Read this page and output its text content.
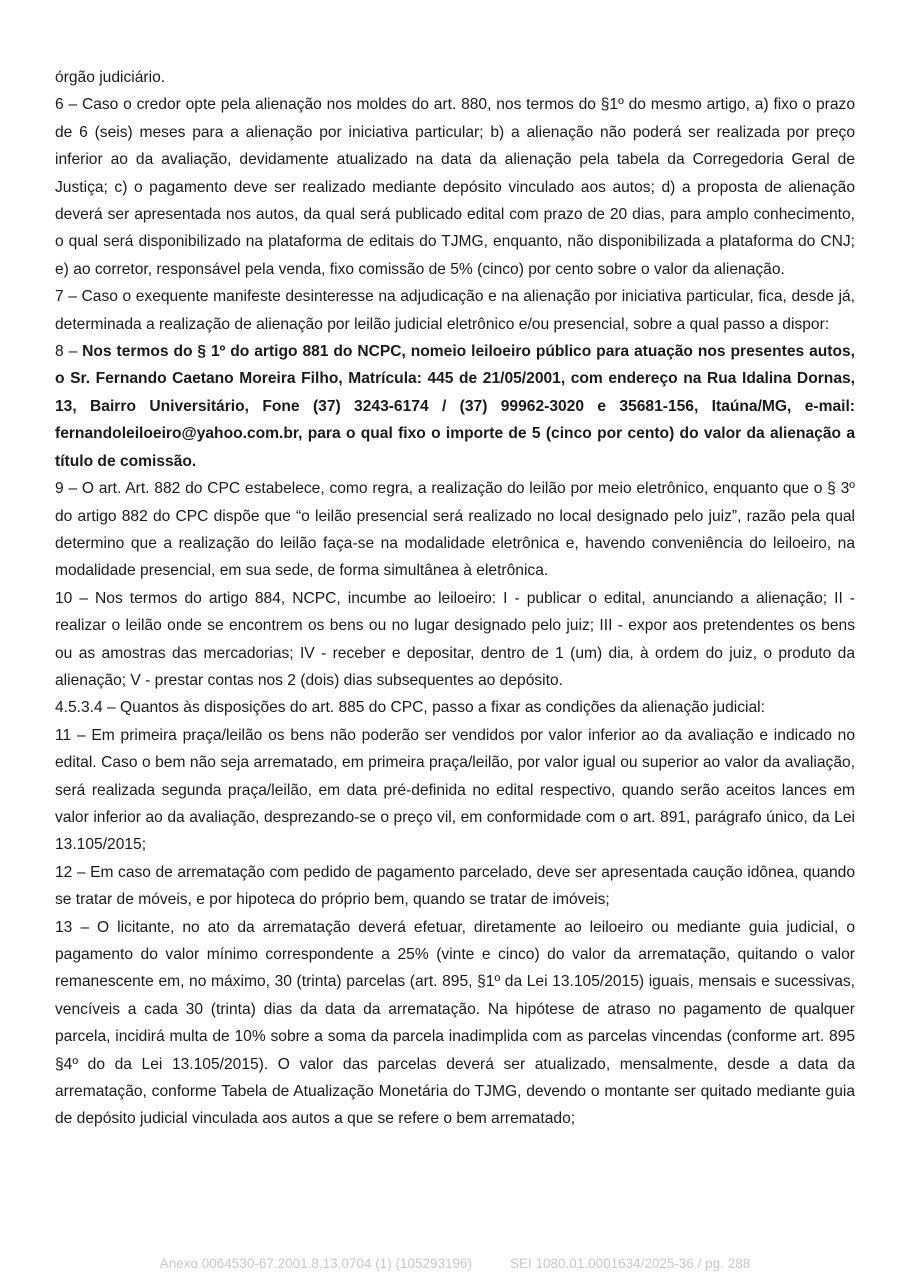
órgão judiciário.

6 – Caso o credor opte pela alienação nos moldes do art. 880, nos termos do §1º do mesmo artigo, a) fixo o prazo de 6 (seis) meses para a alienação por iniciativa particular; b) a alienação não poderá ser realizada por preço inferior ao da avaliação, devidamente atualizado na data da alienação pela tabela da Corregedoria Geral de Justiça; c) o pagamento deve ser realizado mediante depósito vinculado aos autos; d) a proposta de alienação deverá ser apresentada nos autos, da qual será publicado edital com prazo de 20 dias, para amplo conhecimento, o qual será disponibilizado na plataforma de editais do TJMG, enquanto, não disponibilizada a plataforma do CNJ; e) ao corretor, responsável pela venda, fixo comissão de 5% (cinco) por cento sobre o valor da alienação.

7 – Caso o exequente manifeste desinteresse na adjudicação e na alienação por iniciativa particular, fica, desde já, determinada a realização de alienação por leilão judicial eletrônico e/ou presencial, sobre a qual passo a dispor:

8 – Nos termos do § 1º do artigo 881 do NCPC, nomeio leiloeiro público para atuação nos presentes autos, o Sr. Fernando Caetano Moreira Filho, Matrícula: 445 de 21/05/2001, com endereço na Rua Idalina Dornas, 13, Bairro Universitário, Fone (37) 3243-6174 / (37) 99962-3020 e 35681-156, Itaúna/MG, e-mail: fernandoleiloeiro@yahoo.com.br, para o qual fixo o importe de 5 (cinco por cento) do valor da alienação a título de comissão.

9 – O art. Art. 882 do CPC estabelece, como regra, a realização do leilão por meio eletrônico, enquanto que o § 3º do artigo 882 do CPC dispõe que “o leilão presencial será realizado no local designado pelo juiz”, razão pela qual determino que a realização do leilão faça-se na modalidade eletrônica e, havendo conveniência do leiloeiro, na modalidade presencial, em sua sede, de forma simultânea à eletrônica.

10 – Nos termos do artigo 884, NCPC, incumbe ao leiloeiro: I - publicar o edital, anunciando a alienação; II - realizar o leilão onde se encontrem os bens ou no lugar designado pelo juiz; III - expor aos pretendentes os bens ou as amostras das mercadorias; IV - receber e depositar, dentro de 1 (um) dia, à ordem do juiz, o produto da alienação; V - prestar contas nos 2 (dois) dias subsequentes ao depósito.

4.5.3.4 – Quantos às disposições do art. 885 do CPC, passo a fixar as condições da alienação judicial:

11 – Em primeira praça/leilão os bens não poderão ser vendidos por valor inferior ao da avaliação e indicado no edital. Caso o bem não seja arrematado, em primeira praça/leilão, por valor igual ou superior ao valor da avaliação, será realizada segunda praça/leilão, em data pré-definida no edital respectivo, quando serão aceitos lances em valor inferior ao da avaliação, desprezando-se o preço vil, em conformidade com o art. 891, parágrafo único, da Lei 13.105/2015;

12 – Em caso de arrematação com pedido de pagamento parcelado, deve ser apresentada caução idônea, quando se tratar de móveis, e por hipoteca do próprio bem, quando se tratar de imóveis;

13 – O licitante, no ato da arrematação deverá efetuar, diretamente ao leiloeiro ou mediante guia judicial, o pagamento do valor mínimo correspondente a 25% (vinte e cinco) do valor da arrematação, quitando o valor remanescente em, no máximo, 30 (trinta) parcelas (art. 895, §1º da Lei 13.105/2015) iguais, mensais e sucessivas, vencíveis a cada 30 (trinta) dias da data da arrematação. Na hipótese de atraso no pagamento de qualquer parcela, incidirá multa de 10% sobre a soma da parcela inadimplida com as parcelas vincendas (conforme art. 895 §4º do da Lei 13.105/2015). O valor das parcelas deverá ser atualizado, mensalmente, desde a data da arrematação, conforme Tabela de Atualização Monetária do TJMG, devendo o montante ser quitado mediante guia de depósito judicial vinculada aos autos a que se refere o bem arrematado;

Anexo 0064530-67.2001.8.13.0704 (1) (105293196)	SEI 1080.01.0001634/2025-36 / pg. 288
